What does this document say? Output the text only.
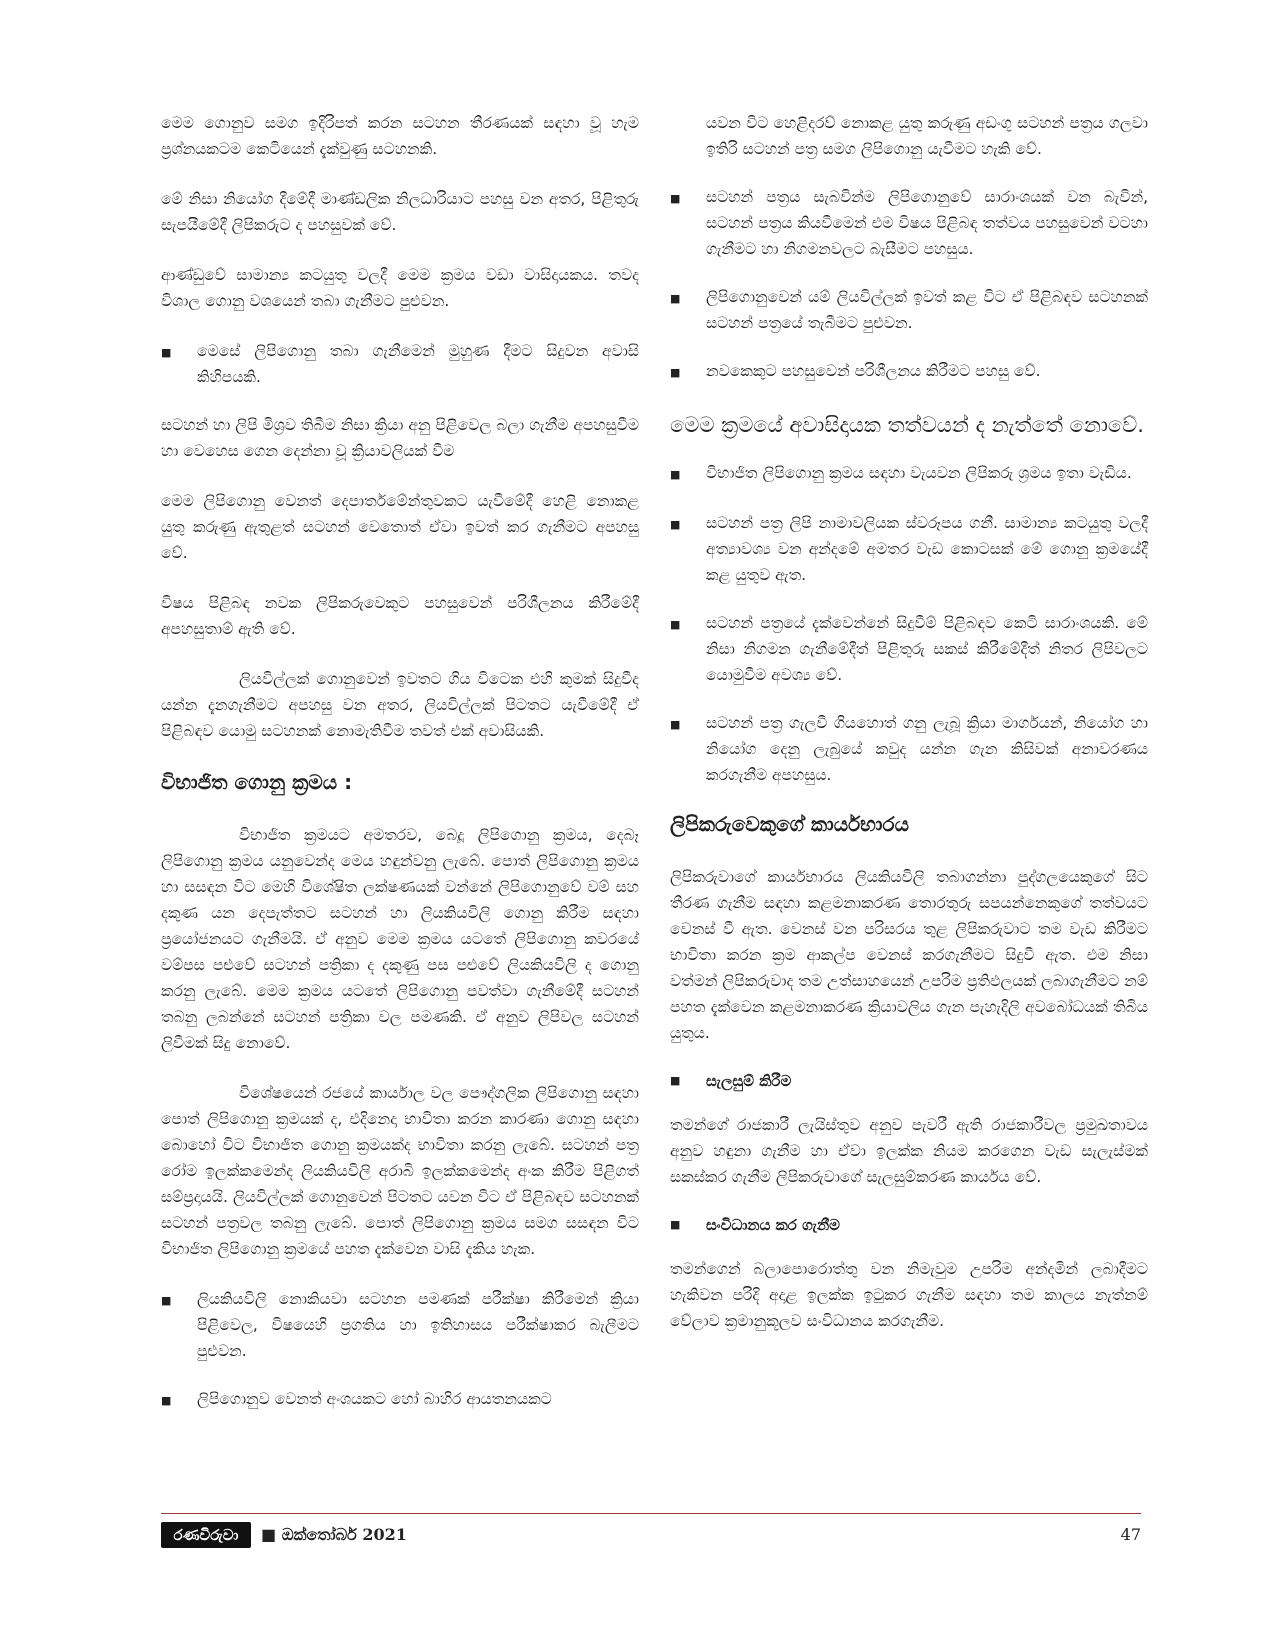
මෙම ගොනුව සමග ඉදිරිපත් කරන සටහන තීරණයක් සඳහා වූ හැම ප්‍රශ්නයකටම කෙටියෙන් දැක්වුණු සටහනකි.

මේ නිසා නියෝග දීමේදී මාණ්ඩලික නිලධාරියාට පහසු වන අතර, පිළිතුරු සැපයීමේදී ලිපිකරුට ද පහසුවක් වේ.

ආණ්ඩුවේ සාමාන්‍ය කටයුතු වලදී මෙම ක්‍රමය වඩා වාසිදායකය. තවද විශාල ගොනු වශයෙන් තබා ගැනීමට පුළුවන.

■	මෙසේ ලිපිගොනු තබා ගැනීමෙන් මුහුණ දීමට සිදුවන අවාසි කිහිපයකි.

සටහන් හා ලිපි මිශ්‍රව තිබීම නිසා ක්‍රියා අනු පිළිවෙල බලා ගැනීම අපහසුවීම හා වෙහෙස ගෙන දෙන්නා වූ ක්‍රියාවලියක් වීම

මෙම ලිපිගොනු වෙනත් දෙපාර්තමේන්තුවකට යැවීමේදී හෙළි නොකළ යුතු කරුණු ඇතුළත් සටහන් වෙතොත් ඒවා ඉවත් කර ගැනීමට අපහසු වේ.

විෂය පිළිබඳ නවක ලිපිකරුවෙකුට පහසුවෙන් පරිශීලනය කිරීමේදී අපහසුතාම් ඇති වේ.

ලියවිල්ලක් ගොනුවෙන් ඉවතට ගිය විටෙක එහි කුමක් සිදුවීද යන්න දැනගැනීමට අපහසු වන අතර, ලියවිල්ලක් පිටතට යැවීමේදී ඒ පිළිබඳව යොමු සටහනක් නොමැතිවීම තවත් එක් අවාසියකි.

විභාජිත ගොනු ක්‍රමය :

විභාජිත ක්‍රමයට අමතරව, බෙදූ ලිපිගොනු ක්‍රමය, දෙබෑ ලිපිගොනු ක්‍රමය යනුවෙන්ද මෙය හඳුන්වනු ලැබේ. පොත් ලිපිගොනු ක්‍රමය හා සසඳන විට මෙහි විශේෂිත ලක්ෂණයක් වන්නේ ලිපිගොනුවේ වම් සහ දකුණ යන දෙපැත්තට සටහන් හා ලියකියවිලි ගොනු කිරීම සඳහා ප්‍රයෝජනයට ගැනීමයි. ඒ අනුව මෙම ක්‍රමය යටතේ ලිපිගොනු කවරයේ වම්පස පළුවේ සටහන් පත්‍රිකා ද දකුණු පස පළුවේ ලියකියවිලි ද ගොනු කරනු ලැබේ. මෙම ක්‍රමය යටතේ ලිපිගොනු පවත්වා ගැනීමේදී සටහන් තබනු ලබන්නේ සටහන් පත්‍රිකා වල පමණකි. ඒ අනුව ලිපිවල සටහන් ලිවීමක් සිදු නොවේ.

විශේෂයෙන් රජයේ කාර්යාල වල පෞද්ගලික ලිපිගොනු සඳහා පොත් ලිපිගොනු ක්‍රමයක් ද, එදිනෙදා භාවිතා කරන කාරණා ගොනු සඳහා බොහෝ විට විභාජිත ගොනු ක්‍රමයක්ද භාවිතා කරනු ලැබේ. සටහන් පත්‍ර රෝම ඉලක්කමෙන්ද ලියකියවිලි අරාබි ඉලක්කමෙන්ද අංක කිරීම පිළිගත් සම්ප්‍රදායයි. ලියවිල්ලක් ගොනුවෙන් පිටතට යවන විට ඒ පිළිබඳව සටහනක් සටහන් පත්‍රවල තබනු ලැබේ. පොත් ලිපිගොනු ක්‍රමය සමග සසඳන විට විභාජිත ලිපිගොනු ක්‍රමයේ පහත දැක්වෙන වාසි දැකිය හැක.

■	ලියකියවිලි නොකියවා සටහන පමණක් පරීක්ෂා කිරීමෙන් ක්‍රියා පිළිවෙල, විෂයෙහි ප්‍රගතිය හා ඉතිහාසය පරීක්ෂාකර බැලීමට පුළුවන.
■	ලිපිගොනුව වෙනත් අංශයකට හෝ බාහිර ආයතනයකට
යවන විට හෙළිදරව් නොකළ යුතු කරුණු අඩංගු සටහන් පත්‍රය ගලවා ඉතිරි සටහන් පත්‍ර සමග ලිපිගොනු යැවීමට හැකි වේ.
■	සටහන් පත්‍රය සැබවින්ම ලිපිගොනුවේ සාරාංශයක් වන බැවින්, සටහන් පත්‍රය කියවීමෙන් එම විෂය පිළිබඳ තත්වය පහසුවෙන් වටහා ගැනීමට හා නිගමනවලට බැසීමට පහසුය.
■	ලිපිගොනුවෙන් යම් ලියවිල්ලක් ඉවත් කළ විට ඒ පිළිබඳව සටහනක් සටහන් පත්‍රයේ තැබීමට පුළුවන.
■	නවකෙකුට පහසුවෙන් පරිශීලනය කිරීමට පහසු වේ.
මෙම ක්‍රමයේ අවාසිදායක තත්වයන් ද නැත්තේ නොවේ.
■	විභාජිත ලිපිගොනු ක්‍රමය සඳහා වැයවන ලිපිකරු ශ්‍රමය ඉතා වැඩිය.
■	සටහන් පත්‍ර ලිපි නාමාවලියක ස්වරූපය ගනී. සාමාන්‍ය කටයුතු වලදී අත්‍යාවශ්‍ය වන අන්දමේ අමතර වැඩ කොටසක් මේ ගොනු ක්‍රමයේදී කළ යුතුව ඇත.
■	සටහන් පත්‍රයේ දැක්වෙන්නේ සිදුවීම් පිළිබඳව කෙටි සාරාංශයකි. මේ නිසා නිගමන ගැනීමේදීත් පිළිතුරු සකස් කිරීමේදීත් නිතර ලිපිවලට යොමුවීම අවශ්‍ය වේ.
■	සටහන් පත්‍ර ගැලවී ගියහොත් ගනු ලැබූ ක්‍රියා මාර්ගයන්, නියෝග හා නියෝග දෙනු ලැබුයේ කවුද යන්න ගැන කිසිවක් අනාවරණය කරගැනීම අපහසුය.
ලිපිකරුවෙකුගේ කාර්යභාරය

ලිපිකරුවාගේ කාර්යභාරය ලියකියවිලි තබාගන්නා පුද්ගලයෙකුගේ සිට තීරණ ගැනීම සඳහා කළමනාකරණ තොරතුරු සපයන්නෙකුගේ තත්වයට වෙනස් වී ඇත. වෙනස් වන පරිසරය තුළ ලිපිකරුවාට තම වැඩ කිරීමට භාවිතා කරන ක්‍රම ආකල්ප වෙනස් කරගැනීමට සිදුවී ඇත. එම නිසා වත්මන් ලිපිකරුවාද තම උත්සාහයෙන් උපරිම ප්‍රතිඵලයක් ලබාගැනීමට නම් පහත දැක්වෙන කළමනාකරණ ක්‍රියාවලිය ගැන පැහැදිලි අවබෝධයක් තිබිය යුතුය.

■	සැලසුම් කිරීම

තමන්ගේ රාජකාරී ලැයිස්තුව අනුව පැවරී ඇති රාජකාරීවල ප්‍රමුඛතාවය අනුව හඳුනා ගැනීම හා ඒවා ඉලක්ක නියම කරගෙන වැඩ සැලැස්මක් සකස්කර ගැනීම ලිපිකරුවාගේ සැලසුම්කරණ කාර්යය වේ.

■	සංවිධානය කර ගැනීම

තමන්ගෙන් බලාපොරොත්තු වන නිමැවුම උපරිම අන්දමින් ලබාදීමට හැකිවන පරිදි අදාළ ඉලක්ක ඉටුකර ගැනීම සඳහා තම කාලය නැත්නම් වේලාව ක්‍රමානුකූලව සංවිධානය කරගැනීම.

රණවිරුවා	■ ඔක්තෝබර් 2021	47
